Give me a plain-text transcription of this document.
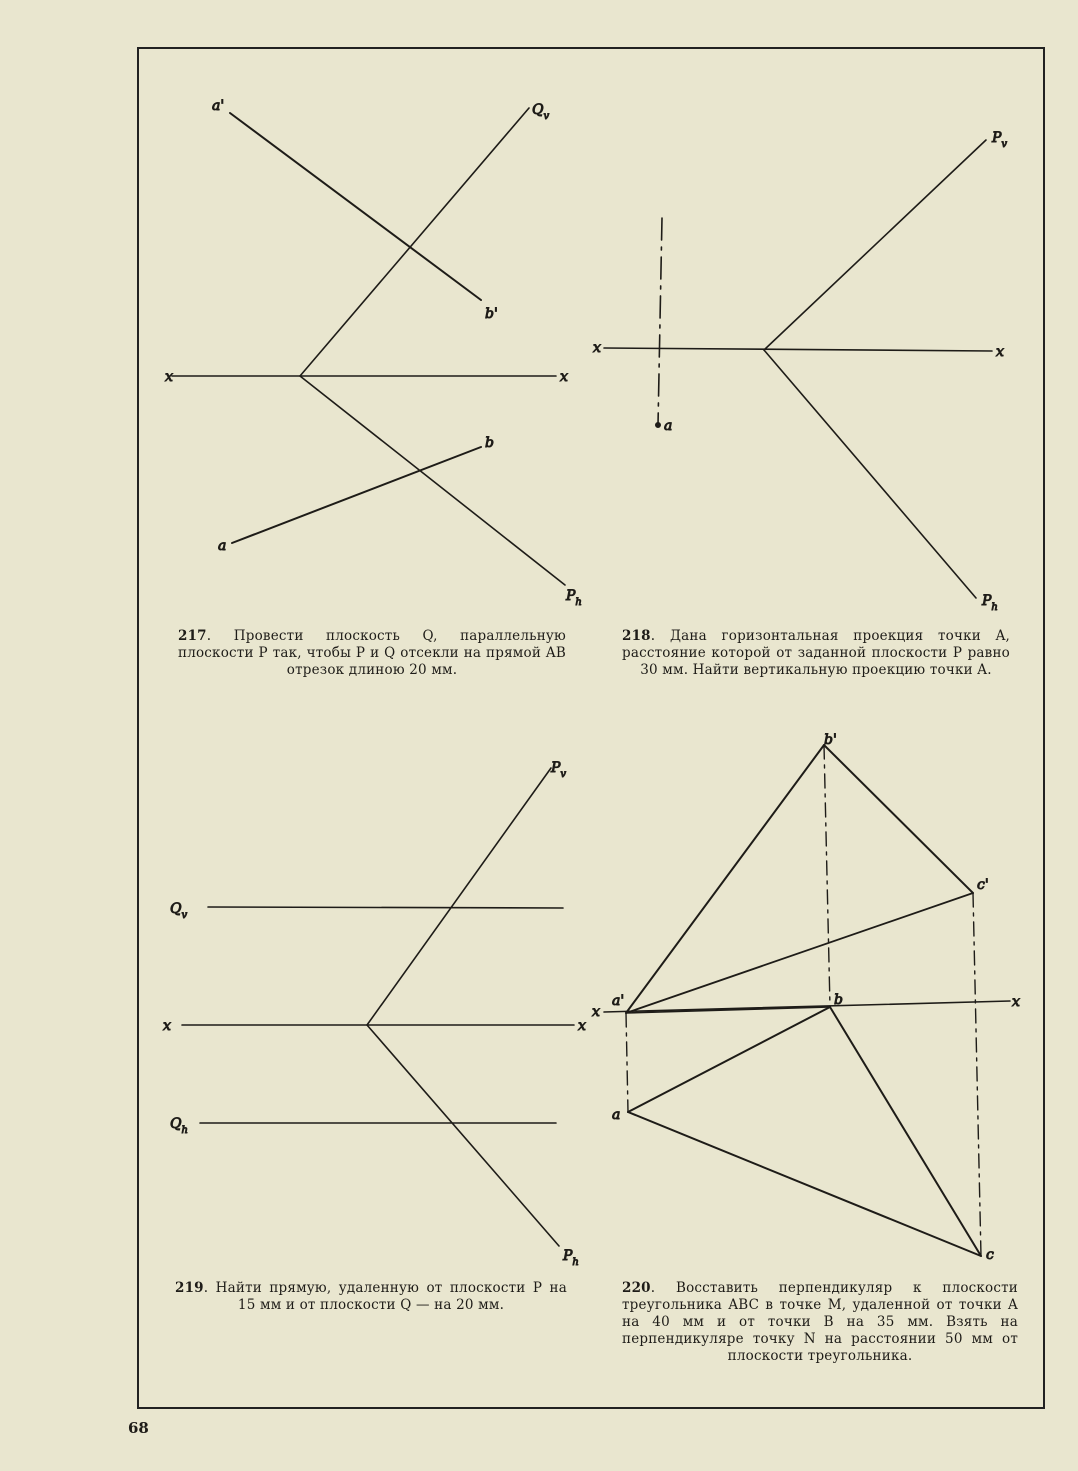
a'	$Q_v$
b'
x	x
b
a
$P_h$
$P_v$
x	x
a
$P_h$
$P_v$
$Q_v$
x	x
$Q_h$
$P_h$
b'
c'
a'	b
x
x
a
c
217. Провести плоскость Q, параллельную плоскости P так, чтобы P и Q отсекли на прямой AB отрезок длиною 20 мм.
218. Дана горизонтальная проекция точки A, расстояние которой от заданной плоскости P равно 30 мм. Найти вертикальную проекцию точки A.
219. Найти прямую, удаленную от плоскости P на 15 мм и от плоскости Q — на 20 мм.
220. Восставить перпендикуляр к плоскости треугольника ABC в точке M, удаленной от точки A на 40 мм и от точки B на 35 мм. Взять на перпендикуляре точку N на расстоянии 50 мм от плоскости треугольника.
68
